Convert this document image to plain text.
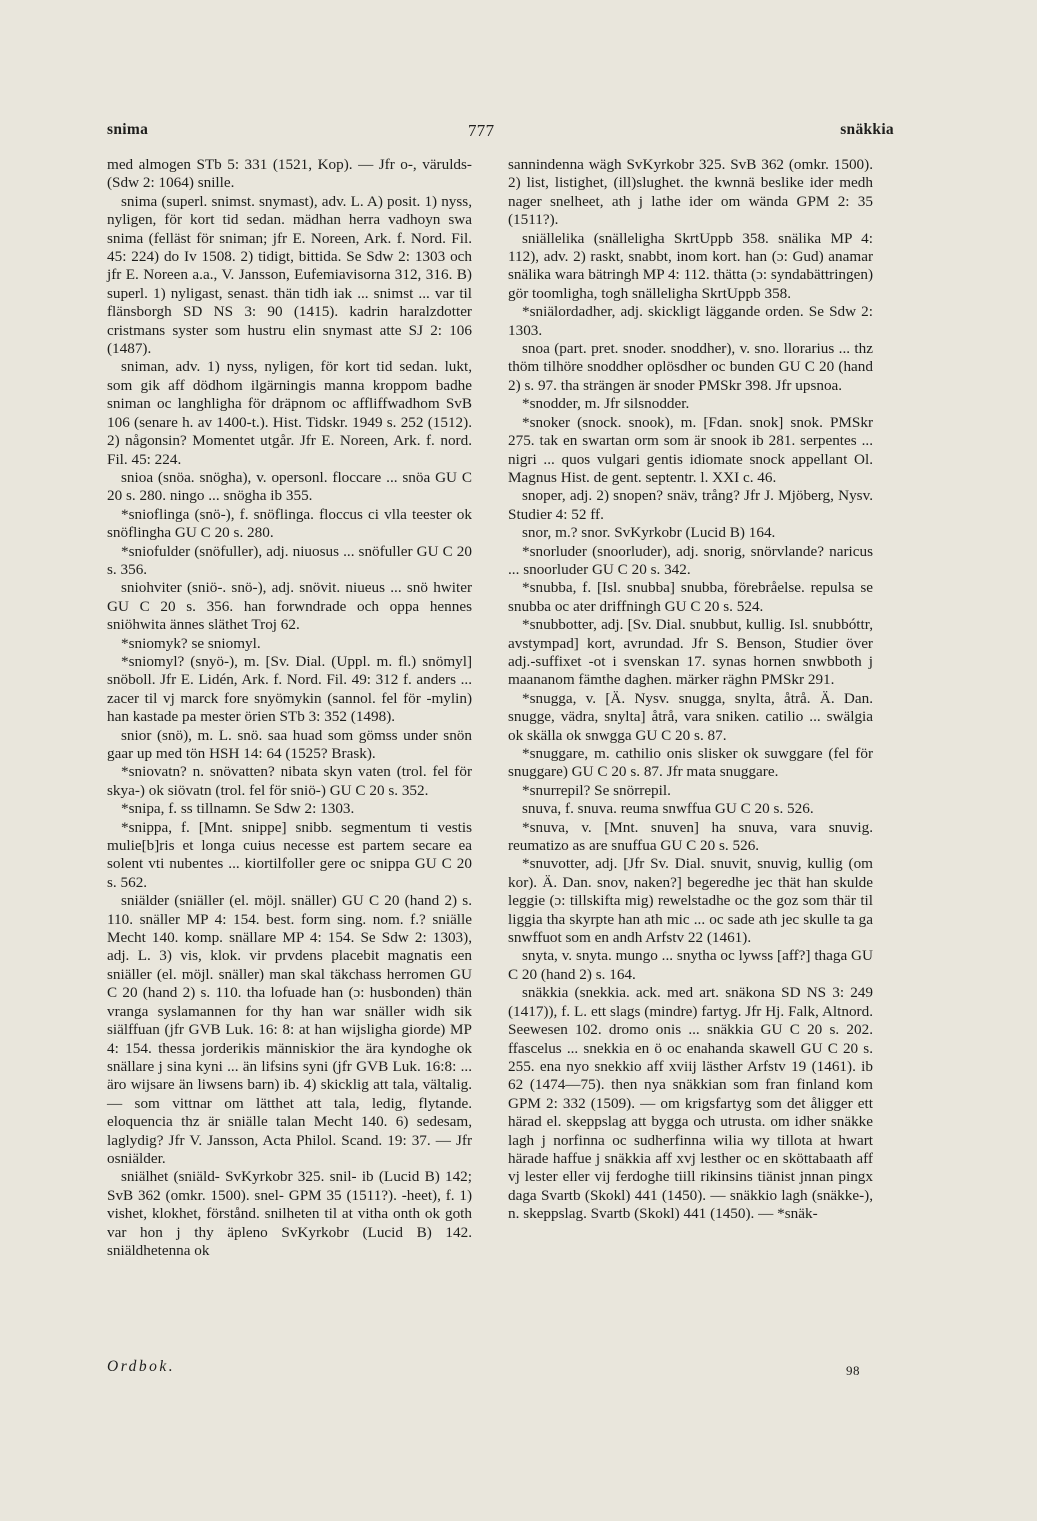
snima	777	snäkkia

med almogen STb 5: 331 (1521, Kop). — Jfr o-, värulds- (Sdw 2: 1064) snille.

snima (superl. snimst. snymast), adv. L. A) posit. 1) nyss, nyligen, för kort tid sedan. mädhan herra vadhoyn swa snima (felläst för sniman; jfr E. Noreen, Ark. f. Nord. Fil. 45: 224) do Iv 1508. 2) tidigt, bittida. Se Sdw 2: 1303 och jfr E. Noreen a.a., V. Jansson, Eufemiavisorna 312, 316. B) superl. 1) nyligast, senast. thän tidh iak ... snimst ... var til flänsborgh SD NS 3: 90 (1415). kadrin haralzdotter cristmans syster som hustru elin snymast atte SJ 2: 106 (1487).

sniman, adv. 1) nyss, nyligen, för kort tid sedan. lukt, som gik aff dödhom ilgärningis manna kroppom badhe sniman oc langhligha för dräpnom oc affliffwadhom SvB 106 (senare h. av 1400-t.). Hist. Tidskr. 1949 s. 252 (1512). 2) någonsin? Momentet utgår. Jfr E. Noreen, Ark. f. nord. Fil. 45: 224.

snioa (snöa. snögha), v. opersonl. floccare ... snöa GU C 20 s. 280. ningo ... snögha ib 355.

*snioflinga (snö-), f. snöflinga. floccus ci vlla teester ok snöflingha GU C 20 s. 280.

*sniofulder (snöfuller), adj. niuosus ... snöfuller GU C 20 s. 356.

sniohviter (sniö-. snö-), adj. snövit. niueus ... snö hwiter GU C 20 s. 356. han forwndrade och oppa hennes sniöhwita ännes släthet Troj 62.

*sniomyk? se sniomyl.

*sniomyl? (snyö-), m. [Sv. Dial. (Uppl. m. fl.) snömyl] snöboll. Jfr E. Lidén, Ark. f. Nord. Fil. 49: 312 f. anders ... zacer til vj marck fore snyömykin (sannol. fel för -mylin) han kastade pa mester örien STb 3: 352 (1498).

snior (snö), m. L. snö. saa huad som gömss under snön gaar up med tön HSH 14: 64 (1525? Brask).

*sniovatn? n. snövatten? nibata skyn vaten (trol. fel för skya-) ok siövatn (trol. fel för sniö-) GU C 20 s. 352.

*snipa, f. ss tillnamn. Se Sdw 2: 1303.

*snippa, f. [Mnt. snippe] snibb. segmentum ti vestis mulie[b]ris et longa cuius necesse est partem secare ea solent vti nubentes ... kiortilfoller gere oc snippa GU C 20 s. 562.

sniälder (sniäller (el. möjl. snäller) GU C 20 (hand 2) s. 110. snäller MP 4: 154. best. form sing. nom. f.? sniälle Mecht 140. komp. snällare MP 4: 154. Se Sdw 2: 1303), adj. L. 3) vis, klok. vir prvdens placebit magnatis een sniäller (el. möjl. snäller) man skal täkchass herromen GU C 20 (hand 2) s. 110. tha lofuade han (ɔ: husbonden) thän vranga syslamannen for thy han war snäller widh sik siälffuan (jfr GVB Luk. 16: 8: at han wijsligha giorde) MP 4: 154. thessa jorderikis människior the ära kyndoghe ok snällare j sina kyni ... än lifsins syni (jfr GVB Luk. 16:8: ... äro wijsare än liwsens barn) ib. 4) skicklig att tala, vältalig. — som vittnar om lätthet att tala, ledig, flytande. eloquencia thz är sniälle talan Mecht 140. 6) sedesam, laglydig? Jfr V. Jansson, Acta Philol. Scand. 19: 37. — Jfr osniälder.

sniälhet (sniäld- SvKyrkobr 325. snil- ib (Lucid B) 142; SvB 362 (omkr. 1500). snel- GPM 35 (1511?). -heet), f. 1) vishet, klokhet, förstånd. snilheten til at vitha onth ok goth var hon j thy äpleno SvKyrkobr (Lucid B) 142. sniäldhetenna ok

sannindenna wägh SvKyrkobr 325. SvB 362 (omkr. 1500). 2) list, listighet, (ill)slughet. the kwnnä beslike ider medh nager snelheet, ath j lathe ider om wända GPM 2: 35 (1511?).

sniällelika (snälleligha SkrtUppb 358. snälika MP 4: 112), adv. 2) raskt, snabbt, inom kort. han (ɔ: Gud) anamar snälika wara bätringh MP 4: 112. thätta (ɔ: syndabättringen) gör toomligha, togh snälleligha SkrtUppb 358.

*sniälordadher, adj. skickligt läggande orden. Se Sdw 2: 1303.

snoa (part. pret. snoder. snoddher), v. sno. llorarius ... thz thöm tilhöre snoddher oplösdher oc bunden GU C 20 (hand 2) s. 97. tha strängen är snoder PMSkr 398. Jfr upsnoa.

*snodder, m. Jfr silsnodder.

*snoker (snock. snook), m. [Fdan. snok] snok. PMSkr 275. tak en swartan orm som är snook ib 281. serpentes ... nigri ... quos vulgari gentis idiomate snock appellant Ol. Magnus Hist. de gent. septentr. l. XXI c. 46.

snoper, adj. 2) snopen? snäv, trång? Jfr J. Mjöberg, Nysv. Studier 4: 52 ff.

snor, m.? snor. SvKyrkobr (Lucid B) 164.

*snorluder (snoorluder), adj. snorig, snörvlande? naricus ... snoorluder GU C 20 s. 342.

*snubba, f. [Isl. snubba] snubba, förebråelse. repulsa se snubba oc ater driffningh GU C 20 s. 524.

*snubbotter, adj. [Sv. Dial. snubbut, kullig. Isl. snubbóttr, avstympad] kort, avrundad. Jfr S. Benson, Studier över adj.-suffixet -ot i svenskan 17. synas hornen snwbboth j maananom fämthe daghen. märker räghn PMSkr 291.

*snugga, v. [Ä. Nysv. snugga, snylta, åtrå. Ä. Dan. snugge, vädra, snylta] åtrå, vara sniken. catilio ... swälgia ok skälla ok snwgga GU C 20 s. 87.

*snuggare, m. cathilio onis slisker ok suwggare (fel för snuggare) GU C 20 s. 87. Jfr mata snuggare.

*snurrepil? Se snörrepil.

snuva, f. snuva. reuma snwffua GU C 20 s. 526.

*snuva, v. [Mnt. snuven] ha snuva, vara snuvig. reumatizo as are snuffua GU C 20 s. 526.

*snuvotter, adj. [Jfr Sv. Dial. snuvit, snuvig, kullig (om kor). Ä. Dan. snov, naken?] begeredhe jec thät han skulde leggie (ɔ: tillskifta mig) rewelstadhe oc the goz som thär til liggia tha skyrpte han ath mic ... oc sade ath jec skulle ta ga snwffuot som en andh Arfstv 22 (1461).

snyta, v. snyta. mungo ... snytha oc lywss [aff?] thaga GU C 20 (hand 2) s. 164.

snäkkia (snekkia. ack. med art. snäkona SD NS 3: 249 (1417)), f. L. ett slags (mindre) fartyg. Jfr Hj. Falk, Altnord. Seewesen 102. dromo onis ... snäkkia GU C 20 s. 202. ffascelus ... snekkia en ö oc enahanda skawell GU C 20 s. 255. ena nyo snekkio aff xviij lästher Arfstv 19 (1461). ib 62 (1474—75). then nya snäkkian som fran finland kom GPM 2: 332 (1509). — om krigsfartyg som det åligger ett härad el. skeppslag att bygga och utrusta. om idher snäkke lagh j norfinna oc sudherfinna wilia wy tillota at hwart härade haffue j snäkkia aff xvj lesther oc en sköttabaath aff vj lester eller vij ferdoghe tiill rikinsins tiänist jnnan pingx daga Svartb (Skokl) 441 (1450). — snäkkio lagh (snäkke-), n. skeppslag. Svartb (Skokl) 441 (1450). — *snäk-

Ordbok.	98
